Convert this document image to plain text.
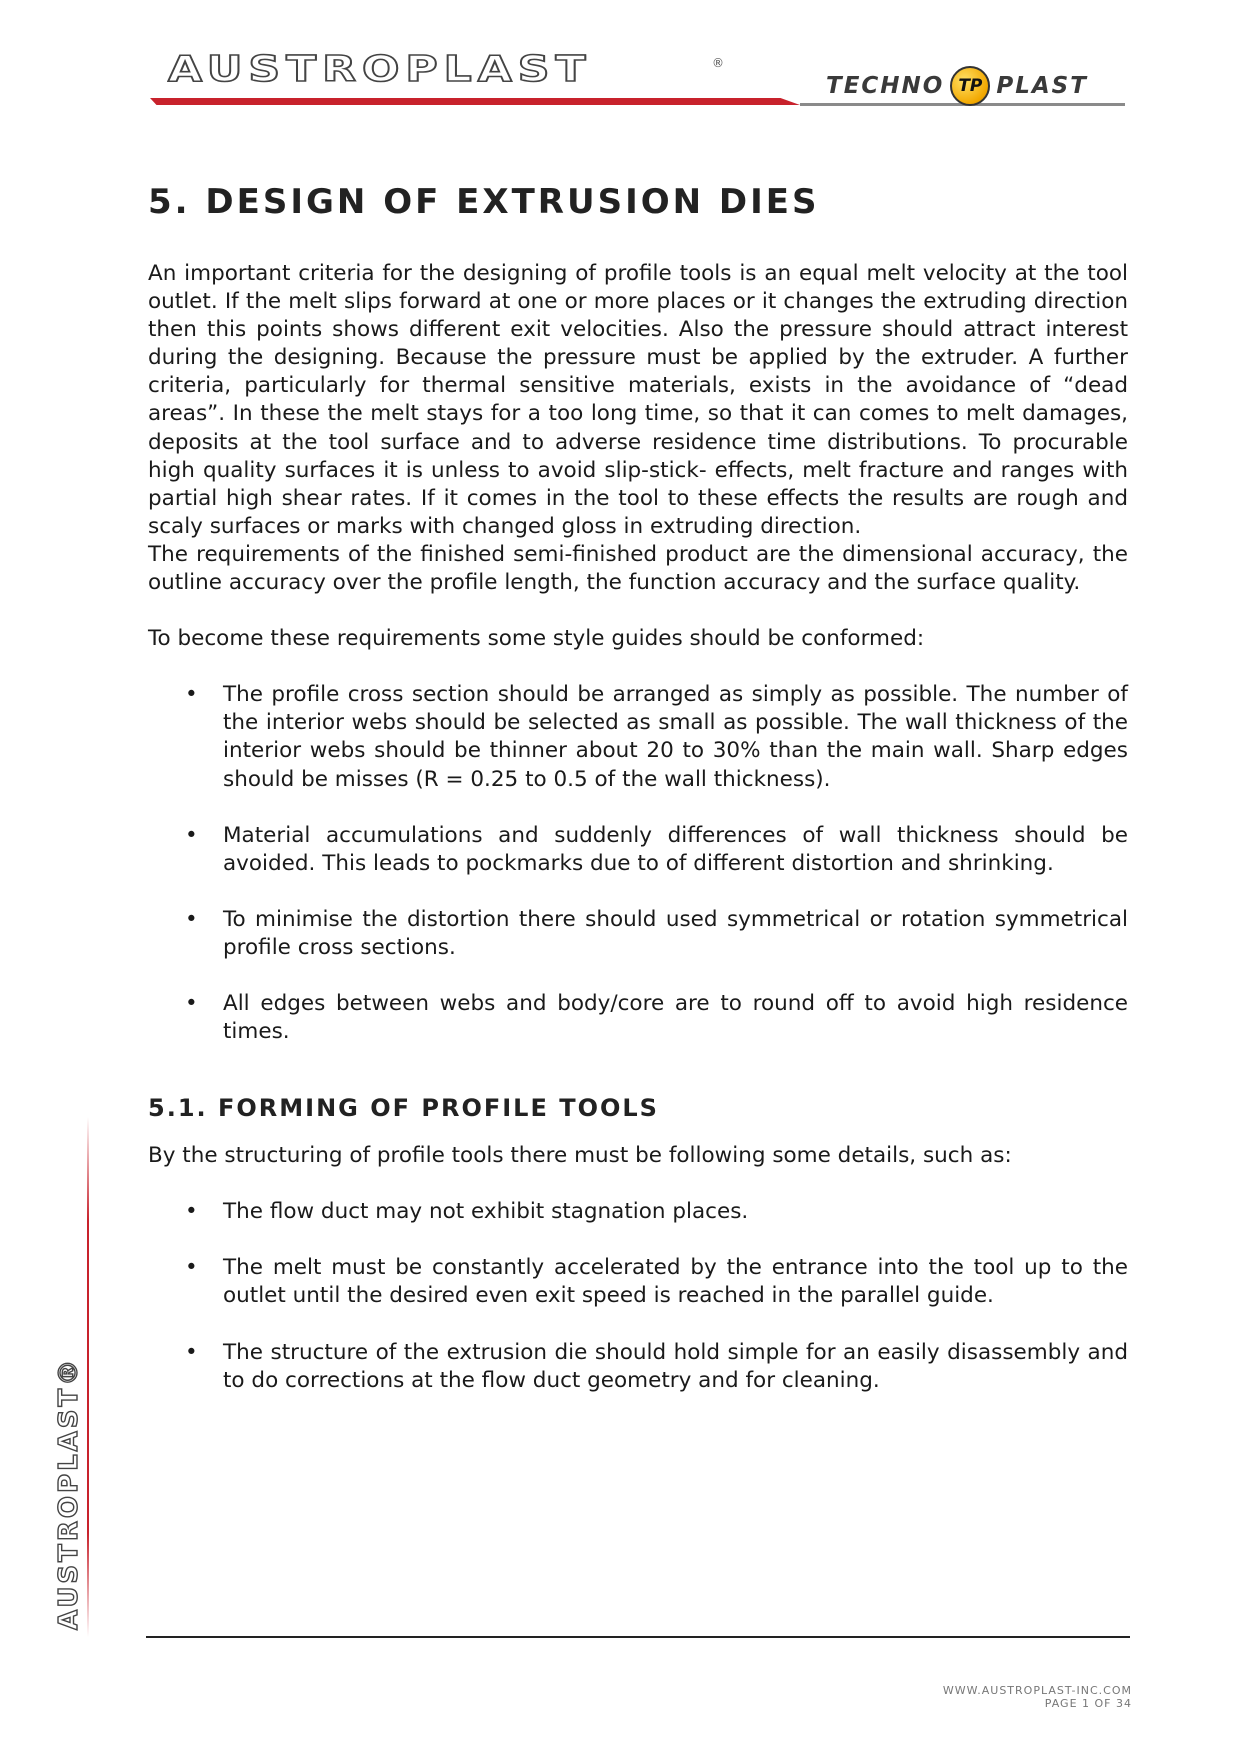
AUSTROPLAST	®
TECHNO TP PLAST
AUSTROPLAST®
5. DESIGN OF EXTRUSION DIES

An important criteria for the designing of profile tools is an equal melt velocity at the tool outlet. If the melt slips forward at one or more places or it changes the extruding direction then this points shows different exit velocities. Also the pressure should attract interest during the designing. Because the pressure must be applied by the extruder. A further criteria, particularly for thermal sensitive materials, exists in the avoidance of “dead areas”. In these the melt stays for a too long time, so that it can comes to melt damages, deposits at the tool surface and to adverse residence time distributions. To procurable high quality surfaces it is unless to avoid slip-stick- effects, melt fracture and ranges with partial high shear rates. If it comes in the tool to these effects the results are rough and scaly surfaces or marks with changed gloss in extruding direction.

The requirements of the finished semi-finished product are the dimensional accuracy, the outline accuracy over the profile length, the function accuracy and the surface quality.

To become these requirements some style guides should be conformed:

• The profile cross section should be arranged as simply as possible. The number of the interior webs should be selected as small as possible. The wall thickness of the interior webs should be thinner about 20 to 30% than the main wall. Sharp edges should be misses (R = 0.25 to 0.5 of the wall thickness).
• Material accumulations and suddenly differences of wall thickness should be avoided. This leads to pockmarks due to of different distortion and shrinking.
• To minimise the distortion there should used symmetrical or rotation symmetrical profile cross sections.
• All edges between webs and body/core are to round off to avoid high residence times.
5.1. FORMING OF PROFILE TOOLS

By the structuring of profile tools there must be following some details, such as:

• The flow duct may not exhibit stagnation places.
• The melt must be constantly accelerated by the entrance into the tool up to the outlet until the desired even exit speed is reached in the parallel guide.
• The structure of the extrusion die should hold simple for an easily disassembly and to do corrections at the flow duct geometry and for cleaning.
WWW.AUSTROPLAST-INC.COM
PAGE 1 OF 34
